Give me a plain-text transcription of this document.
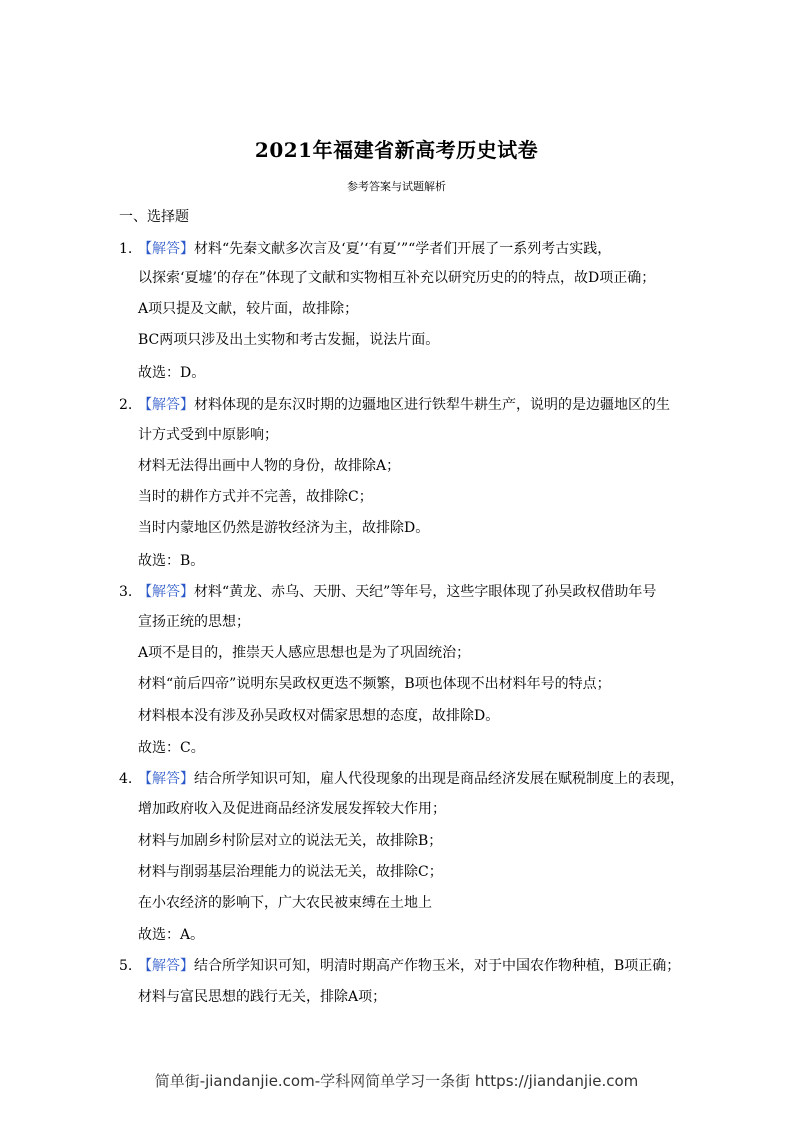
2021年福建省新高考历史试卷
参考答案与试题解析
一、选择题
1. 【解答】材料“先秦文献多次言及‘夏’‘有夏’”“学者们开展了一系列考古实践，
以探索‘夏墟’的存在”体现了文献和实物相互补充以研究历史的的特点，故D项正确；
A项只提及文献，较片面，故排除；
BC两项只涉及出土实物和考古发掘，说法片面。
故选：D。
2. 【解答】材料体现的是东汉时期的边疆地区进行铁犁牛耕生产，说明的是边疆地区的生
计方式受到中原影响；
材料无法得出画中人物的身份，故排除A；
当时的耕作方式并不完善，故排除C；
当时内蒙地区仍然是游牧经济为主，故排除D。
故选：B。
3. 【解答】材料“黄龙、赤乌、天册、天纪”等年号，这些字眼体现了孙吴政权借助年号
宣扬正统的思想；
A项不是目的，推崇天人感应思想也是为了巩固统治；
材料“前后四帝”说明东吴政权更迭不频繁，B项也体现不出材料年号的特点；
材料根本没有涉及孙吴政权对儒家思想的态度，故排除D。
故选：C。
4. 【解答】结合所学知识可知，雇人代役现象的出现是商品经济发展在赋税制度上的表现，
增加政府收入及促进商品经济发展发挥较大作用；
材料与加剧乡村阶层对立的说法无关，故排除B；
材料与削弱基层治理能力的说法无关，故排除C；
在小农经济的影响下，广大农民被束缚在土地上
故选：A。
5. 【解答】结合所学知识可知，明清时期高产作物玉米，对于中国农作物种植，B项正确；
材料与富民思想的践行无关，排除A项；
简单街-jiandanjie.com-学科网简单学习一条街 https://jiandanjie.com
